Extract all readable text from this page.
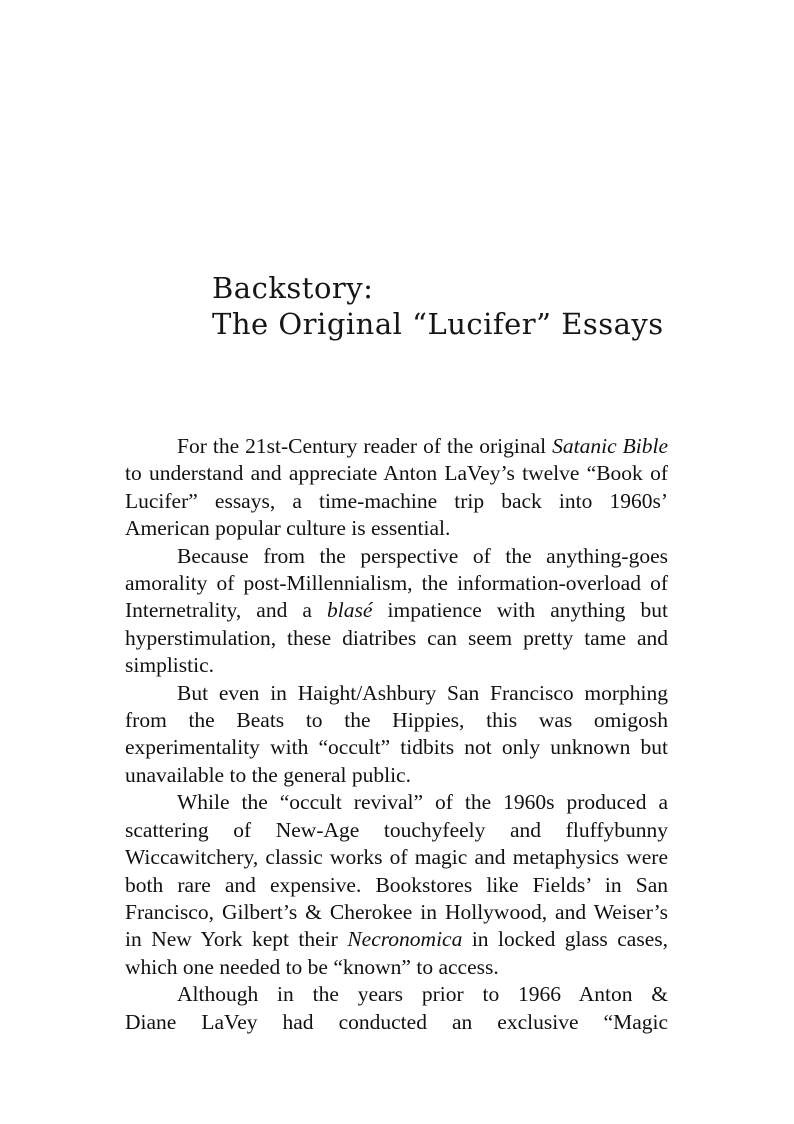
Backstory:
The Original “Lucifer” Essays

For the 21st-Century reader of the original Satanic Bible to understand and appreciate Anton LaVey’s twelve “Book of Lucifer” essays, a time-machine trip back into 1960s’ American popular culture is essential.

Because from the perspective of the anything-goes amorality of post-Millennialism, the information-overload of Internetrality, and a blasé impatience with anything but hyperstimulation, these diatribes can seem pretty tame and simplistic.

But even in Haight/Ashbury San Francisco morphing from the Beats to the Hippies, this was omigosh experimentality with “occult” tidbits not only unknown but unavailable to the general public.

While the “occult revival” of the 1960s produced a scattering of New-Age touchyfeely and fluffybunny Wiccawitchery, classic works of magic and metaphysics were both rare and expensive. Bookstores like Fields’ in San Francisco, Gilbert’s & Cherokee in Hollywood, and Weiser’s in New York kept their Necronomica in locked glass cases, which one needed to be “known” to access.

Although in the years prior to 1966 Anton &

Diane LaVey had conducted an exclusive “Magic
